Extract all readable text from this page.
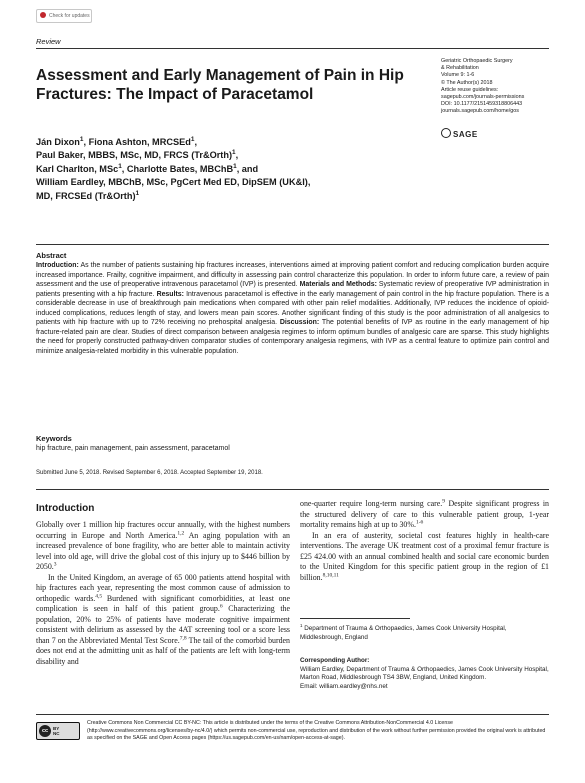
Check for updates
Review
Assessment and Early Management of Pain in Hip Fractures: The Impact of Paracetamol
Geriatric Orthopaedic Surgery
& Rehabilitation
Volume 9: 1-6
© The Author(s) 2018
Article reuse guidelines:
sagepub.com/journals-permissions
DOI: 10.1177/2151459318806443
journals.sagepub.com/home/gos
SAGE
Ján Dixon$^1$, Fiona Ashton, MRCSEd$^1$,
Paul Baker, MBBS, MSc, MD, FRCS (Tr&Orth)$^1$,
Karl Charlton, MSc$^1$, Charlotte Bates, MBChB$^1$, and
William Eardley, MBChB, MSc, PgCert Med ED, DipSEM (UK&I),
MD, FRCSEd (Tr&Orth)$^1$
Abstract
Introduction: As the number of patients sustaining hip fractures increases, interventions aimed at improving patient comfort and reducing complication burden acquire increased importance. Frailty, cognitive impairment, and difficulty in assessing pain control characterize this population. In order to inform future care, a review of pain assessment and the use of preoperative intravenous paracetamol (IVP) is presented. Materials and Methods: Systematic review of preoperative IVP administration in patients presenting with a hip fracture. Results: Intravenous paracetamol is effective in the early management of pain control in the hip fracture population. There is a considerable decrease in use of breakthrough pain medications when compared with other pain relief modalities. Additionally, IVP reduces the incidence of opioid-induced complications, reduces length of stay, and lowers mean pain scores. Another significant finding of this study is the poor administration of all analgesics to patients with hip fracture with up to 72% receiving no prehospital analgesia. Discussion: The potential benefits of IVP as routine in the early management of hip fracture-related pain are clear. Studies of direct comparison between analgesia regimes to inform optimum bundles of analgesic care are sparse. This study highlights the need for properly constructed pathway-driven comparator studies of contemporary analgesia regimens, with IVP as a central feature to optimize pain control and minimize analgesia-related morbidity in this vulnerable population.
Keywords
hip fracture, pain management, pain assessment, paracetamol
Submitted June 5, 2018. Revised September 6, 2018. Accepted September 19, 2018.
Introduction

Globally over 1 million hip fractures occur annually, with the highest numbers occurring in Europe and North America.$^{1,2}$ An aging population with an increased prevalence of bone fragility, who are better able to maintain activity level into old age, will drive the global cost of this injury up to $446 billion by 2050.$^3$

In the United Kingdom, an average of 65 000 patients attend hospital with hip fractures each year, representing the most common cause of admission to orthopedic wards.$^{4,5}$ Burdened with significant comorbidities, at least one complication is seen in half of this patient group.$^6$ Characterizing the population, 20% to 25% of patients have moderate cognitive impairment consistent with delirium as assessed by the 4AT screening tool or a score less than 7 on the Abbreviated Mental Test Score.$^{7,8}$ The tail of the comorbid burden does not end at the admitting unit as half of the patients are left with long-term disability and

one-quarter require long-term nursing care.$^9$ Despite significant progress in the structured delivery of care to this vulnerable patient group, 1-year mortality remains high at up to 30%.$^{1-6}$

In an era of austerity, societal cost features highly in health-care interventions. The average UK treatment cost of a proximal femur fracture is £25 424.00 with an annual combined health and social care economic burden to the United Kingdom for this specific patient group in the region of £1 billion.$^{8,10,11}$

$^1$ Department of Trauma & Orthopaedics, James Cook University Hospital, Middlesbrough, England
Corresponding Author:
William Eardley, Department of Trauma & Orthopaedics, James Cook University Hospital, Marton Road, Middlesbrough TS4 3BW, England, United Kingdom.
Email: william.eardley@nhs.net
cc	BY
NC
Creative Commons Non Commercial CC BY-NC: This article is distributed under the terms of the Creative Commons Attribution-NonCommercial 4.0 License (http://www.creativecommons.org/licenses/by-nc/4.0/) which permits non-commercial use, reproduction and distribution of the work without further permission provided the original work is attributed as specified on the SAGE and Open Access pages (https://us.sagepub.com/en-us/nam/open-access-at-sage).
